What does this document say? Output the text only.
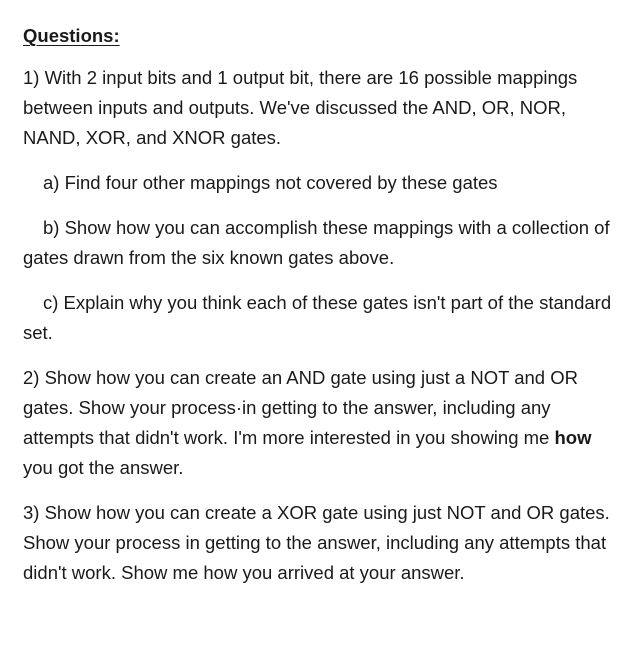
Questions:

1) With 2 input bits and 1 output bit, there are 16 possible mappings between inputs and outputs. We've discussed the AND, OR, NOR, NAND, XOR, and XNOR gates.

a) Find four other mappings not covered by these gates

b) Show how you can accomplish these mappings with a collection of gates drawn from the six known gates above.

c) Explain why you think each of these gates isn't part of the standard set.

2) Show how you can create an AND gate using just a NOT and OR gates. Show your process·in getting to the answer, including any attempts that didn't work. I'm more interested in you showing me how you got the answer.

3) Show how you can create a XOR gate using just NOT and OR gates. Show your process in getting to the answer, including any attempts that didn't work. Show me how you arrived at your answer.
